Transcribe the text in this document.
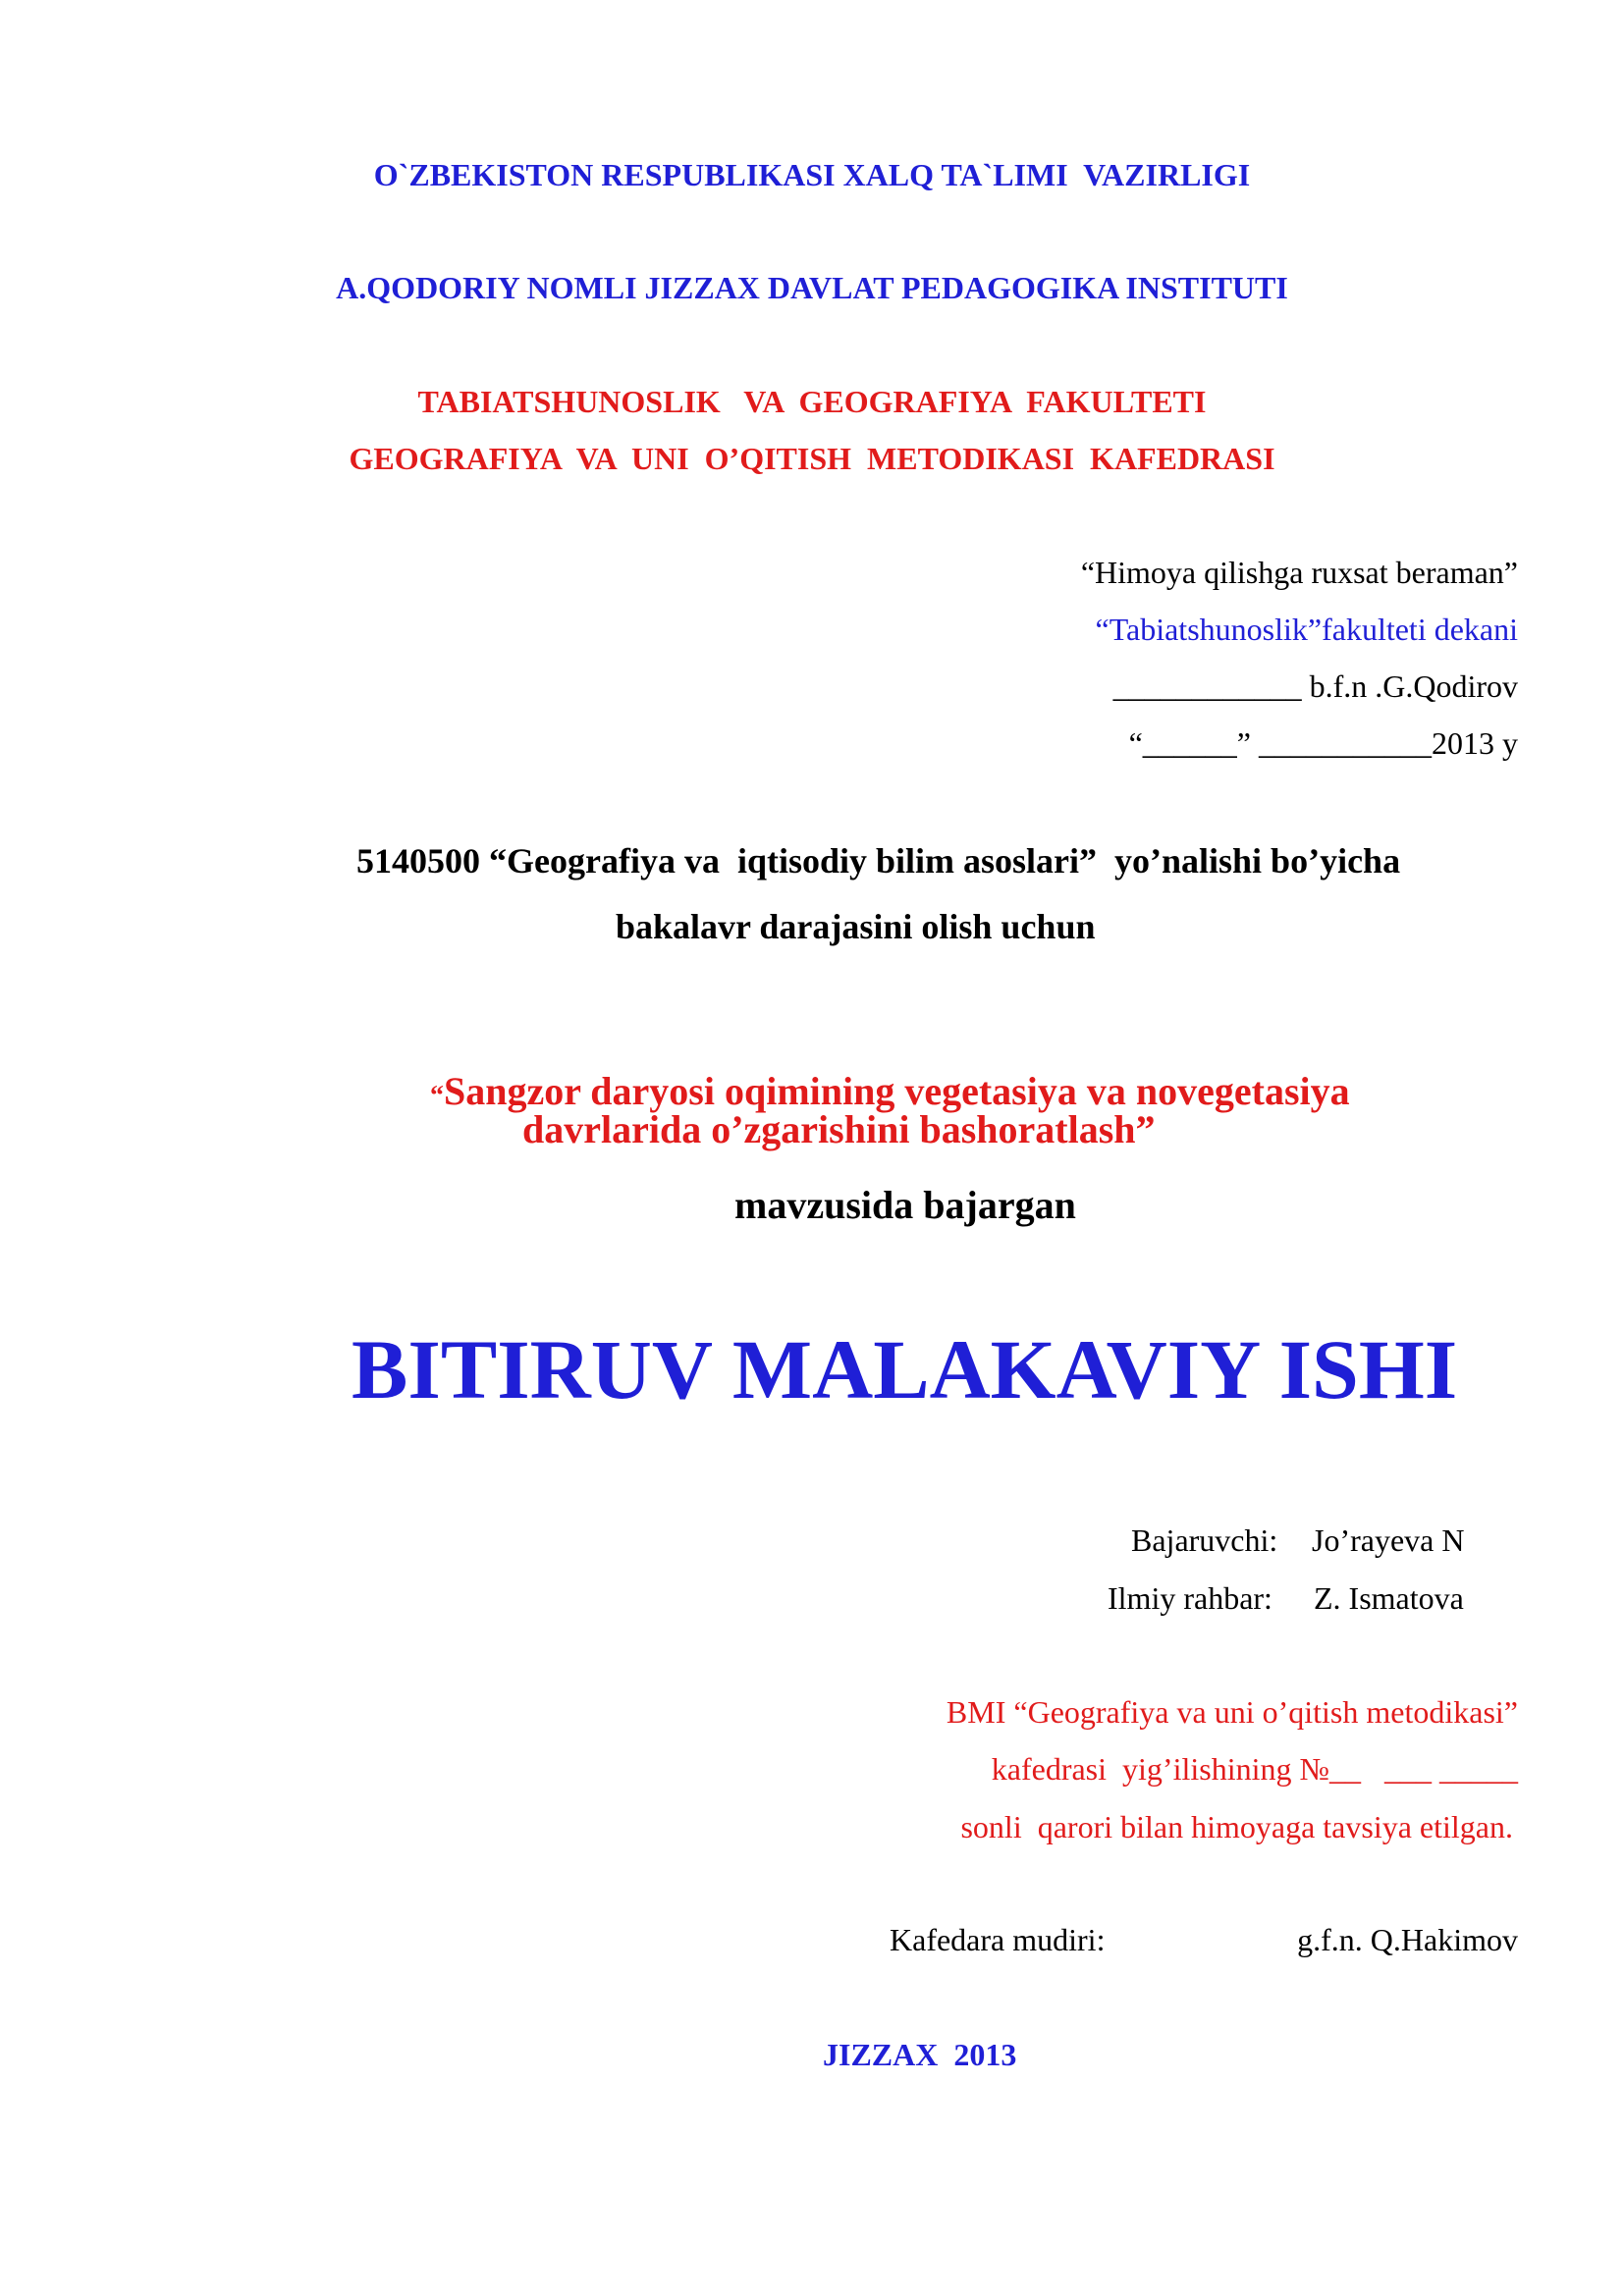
O`ZBEKISTON RESPUBLIKASI XALQ TA`LIMI  VAZIRLIGI
A.QODORIY NOMLI JIZZAX DAVLAT PEDAGOGIKA INSTITUTI
TABIATSHUNOSLIK   VA  GEOGRAFIYA  FAKULTETI
GEOGRAFIYA  VA  UNI  O’QITISH  METODIKASI  KAFEDRASI
“Himoya qilishga ruxsat beraman”
“Tabiatshunoslik”fakulteti dekani
____________ b.f.n .G.Qodirov
“______” ___________2013 y
5140500 “Geografiya va  iqtisodiy bilim asoslari”  yo’nalishi bo’yicha
bakalavr darajasini olish uchun

“Sangzor daryosi oqimining vegetasiya va novegetasiya

davrlarida o’zgarishini bashoratlash”
mavzusida bajargan
BITIRUV MALAKAVIY ISHI
Bajaruvchi: Jo’rayeva N
Ilmiy rahbar: Z. Ismatova
BMI “Geografiya va uni o’qitish metodikasi”
kafedrasi  yig’ilishining №__   ___ _____
sonli  qarori bilan himoyaga tavsiya etilgan.
Kafedara mudiri:	g.f.n. Q.Hakimov
JIZZAX  2013
